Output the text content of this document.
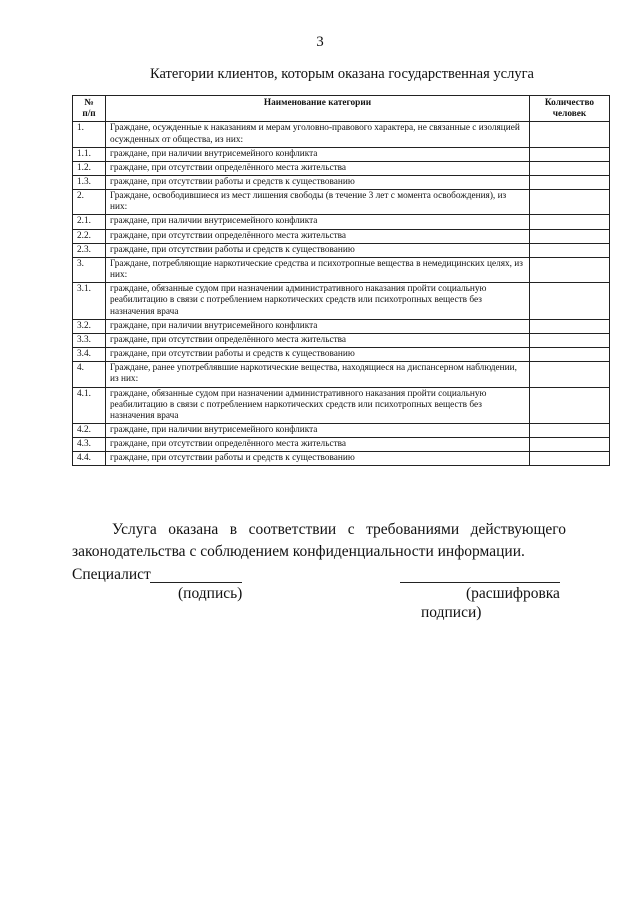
3
Категории клиентов, которым оказана государственная услуга
№
п/п	Наименование категории	Количество человек
1.	Граждане, осужденные к наказаниям и мерам уголовно-правового характера, не связанные с изоляцией осужденных от общества, из них:	
1.1.	граждане, при наличии внутрисемейного конфликта	
1.2.	граждане, при отсутствии определённого места жительства	
1.3.	граждане, при отсутствии работы и средств к существованию	
2.	Граждане, освободившиеся из мест лишения свободы (в течение 3 лет с момента освобождения), из них:	
2.1.	граждане, при наличии внутрисемейного конфликта	
2.2.	граждане, при отсутствии определённого места жительства	
2.3.	граждане, при отсутствии работы и средств к существованию	
3.	Граждане, потребляющие наркотические средства и психотропные вещества в немедицинских целях, из них:	
3.1.	граждане, обязанные судом при назначении административного наказания пройти социальную реабилитацию в связи с потреблением наркотических средств или психотропных веществ без назначения врача	
3.2.	граждане, при наличии внутрисемейного конфликта	
3.3.	граждане, при отсутствии определённого места жительства	
3.4.	граждане, при отсутствии работы и средств к существованию	
4.	Граждане, ранее употреблявшие наркотические вещества, находящиеся на диспансерном наблюдении, из них:	
4.1.	граждане, обязанные судом при назначении административного наказания пройти социальную реабилитацию в связи с потреблением наркотических средств или психотропных веществ без назначения врача	
4.2.	граждане, при наличии внутрисемейного конфликта	
4.3.	граждане, при отсутствии определённого места жительства	
4.4.	граждане, при отсутствии работы и средств к существованию	
Услуга оказана в соответствии с требованиями действующего законодательства с соблюдением конфиденциальности информации.
Специалист
(подпись)	(расшифровка
подписи)
